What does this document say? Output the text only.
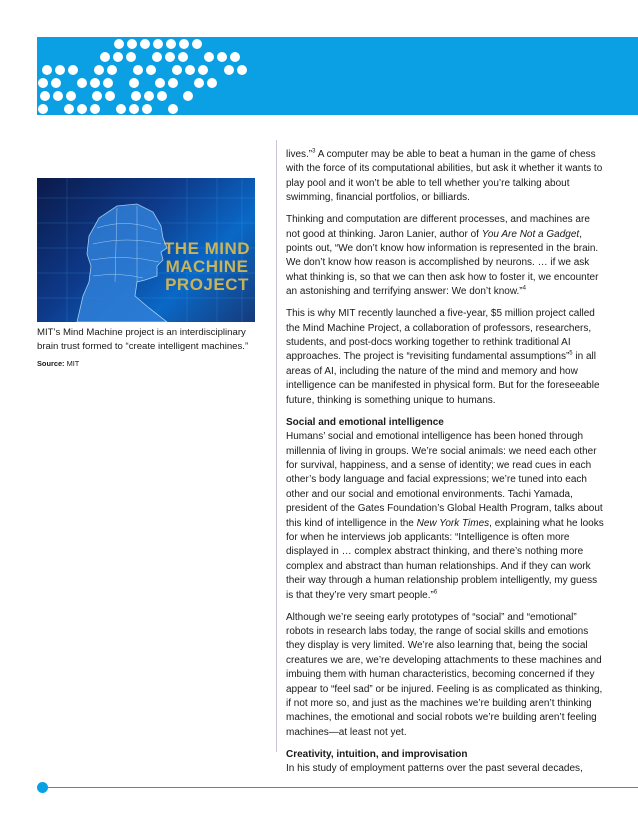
THE MIND
MACHINE
PROJECT
MIT’s Mind Machine project is an interdisciplinary brain trust formed to “create intelligent machines.”
Source: MIT

lives.”$^3$ A computer may be able to beat a human in the game of chess with the force of its computational abilities, but ask it whether it wants to play pool and it won’t be able to tell whether you’re talking about swimming, financial portfolios, or billiards.

Thinking and computation are different processes, and machines are not good at thinking. Jaron Lanier, author of You Are Not a Gadget, points out, “We don’t know how information is represented in the brain. We don’t know how reason is accomplished by neurons. … if we ask what thinking is, so that we can then ask how to foster it, we encounter an astonishing and terrifying answer: We don’t know.”$^4$

This is why MIT recently launched a five-year, $5 million project called the Mind Machine Project, a collaboration of professors, researchers, students, and post-docs working together to rethink traditional AI approaches. The project is “revisiting fundamental assumptions”$^5$ in all areas of AI, including the nature of the mind and memory and how intelligence can be manifested in physical form. But for the foreseeable future, thinking is something unique to humans.

Social and emotional intelligence

Humans’ social and emotional intelligence has been honed through millennia of living in groups. We’re social animals: we need each other for survival, happiness, and a sense of identity; we read cues in each other’s body language and facial expressions; we’re tuned into each other and our social and emotional environments. Tachi Yamada, president of the Gates Foundation’s Global Health Program, talks about this kind of intelligence in the New York Times, explaining what he looks for when he interviews job applicants: “Intelligence is often more displayed in … complex abstract thinking, and there’s nothing more complex and abstract than human relationships. And if they can work their way through a human relationship problem intelligently, my guess is that they’re very smart people.”$^6$

Although we’re seeing early prototypes of “social” and “emotional” robots in research labs today, the range of social skills and emotions they display is very limited. We’re also learning that, being the social creatures we are, we’re developing attachments to these machines and imbuing them with human characteristics, becoming concerned if they appear to “feel sad” or be injured. Feeling is as complicated as thinking, if not more so, and just as the machines we’re building aren’t thinking machines, the emotional and social robots we’re building aren’t feeling machines—at least not yet.

Creativity, intuition, and improvisation

In his study of employment patterns over the past several decades,
